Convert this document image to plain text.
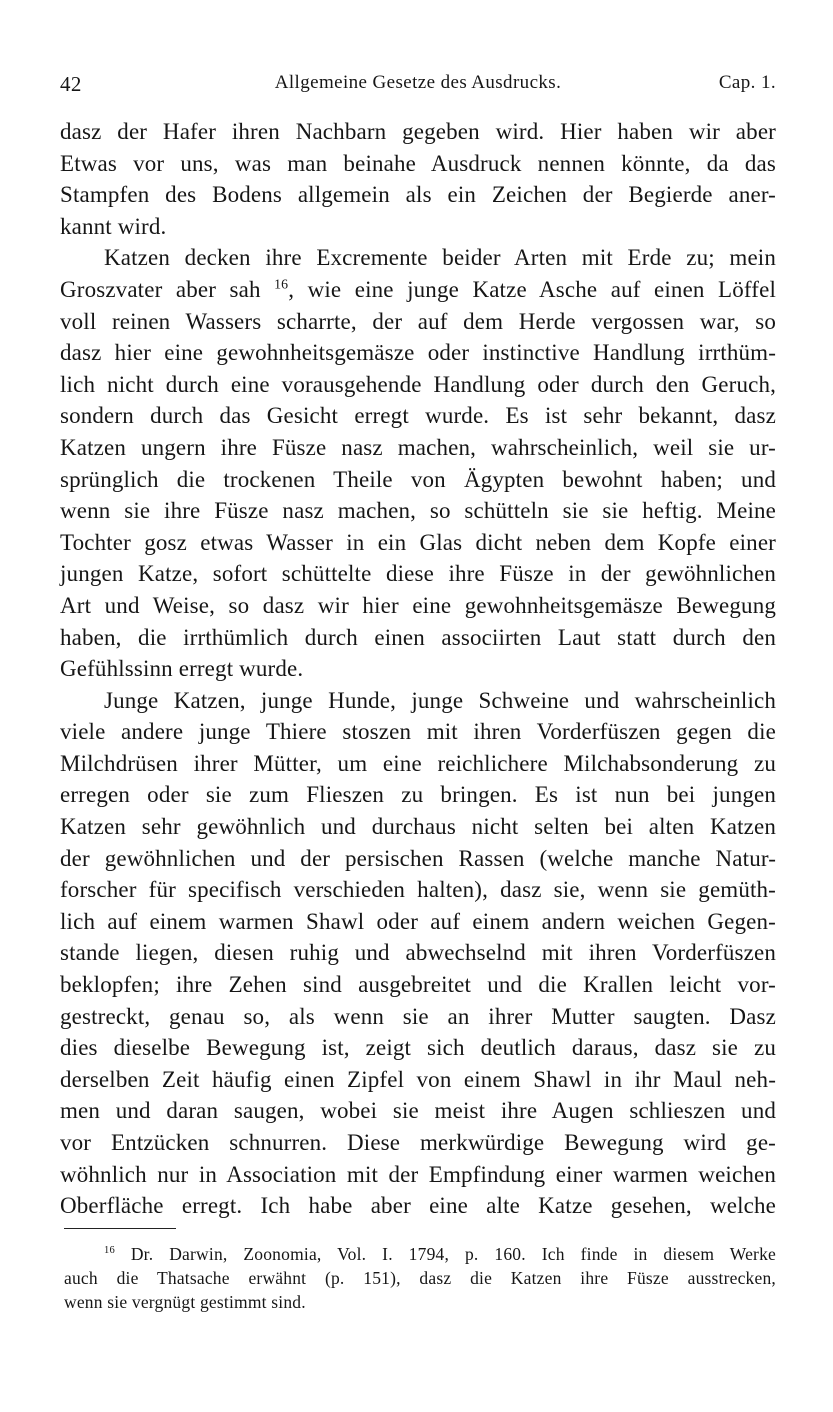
42	Allgemeine Gesetze des Ausdrucks.	Cap. 1.
dasz der Hafer ihren Nachbarn gegeben wird. Hier haben wir aber
Etwas vor uns, was man beinahe Ausdruck nennen könnte, da das
Stampfen des Bodens allgemein als ein Zeichen der Begierde aner-
kannt wird.
Katzen decken ihre Excremente beider Arten mit Erde zu; mein
Groszvater aber sah $^{16}$, wie eine junge Katze Asche auf einen Löffel
voll reinen Wassers scharrte, der auf dem Herde vergossen war, so
dasz hier eine gewohnheitsgemäsze oder instinctive Handlung irrthüm-
lich nicht durch eine vorausgehende Handlung oder durch den Geruch,
sondern durch das Gesicht erregt wurde. Es ist sehr bekannt, dasz
Katzen ungern ihre Füsze nasz machen, wahrscheinlich, weil sie ur-
sprünglich die trockenen Theile von Ägypten bewohnt haben; und
wenn sie ihre Füsze nasz machen, so schütteln sie sie heftig. Meine
Tochter gosz etwas Wasser in ein Glas dicht neben dem Kopfe einer
jungen Katze, sofort schüttelte diese ihre Füsze in der gewöhnlichen
Art und Weise, so dasz wir hier eine gewohnheitsgemäsze Bewegung
haben, die irrthümlich durch einen associirten Laut statt durch den
Gefühlssinn erregt wurde.
Junge Katzen, junge Hunde, junge Schweine und wahrscheinlich
viele andere junge Thiere stoszen mit ihren Vorderfüszen gegen die
Milchdrüsen ihrer Mütter, um eine reichlichere Milchabsonderung zu
erregen oder sie zum Flieszen zu bringen. Es ist nun bei jungen
Katzen sehr gewöhnlich und durchaus nicht selten bei alten Katzen
der gewöhnlichen und der persischen Rassen (welche manche Natur-
forscher für specifisch verschieden halten), dasz sie, wenn sie gemüth-
lich auf einem warmen Shawl oder auf einem andern weichen Gegen-
stande liegen, diesen ruhig und abwechselnd mit ihren Vorderfüszen
beklopfen; ihre Zehen sind ausgebreitet und die Krallen leicht vor-
gestreckt, genau so, als wenn sie an ihrer Mutter saugten. Dasz
dies dieselbe Bewegung ist, zeigt sich deutlich daraus, dasz sie zu
derselben Zeit häufig einen Zipfel von einem Shawl in ihr Maul neh-
men und daran saugen, wobei sie meist ihre Augen schlieszen und
vor Entzücken schnurren. Diese merkwürdige Bewegung wird ge-
wöhnlich nur in Association mit der Empfindung einer warmen weichen
Oberfläche erregt. Ich habe aber eine alte Katze gesehen, welche
$^{16}$ Dr. Darwin, Zoonomia, Vol. I. 1794, p. 160. Ich finde in diesem Werke
auch die Thatsache erwähnt (p. 151), dasz die Katzen ihre Füsze ausstrecken,
wenn sie vergnügt gestimmt sind.
